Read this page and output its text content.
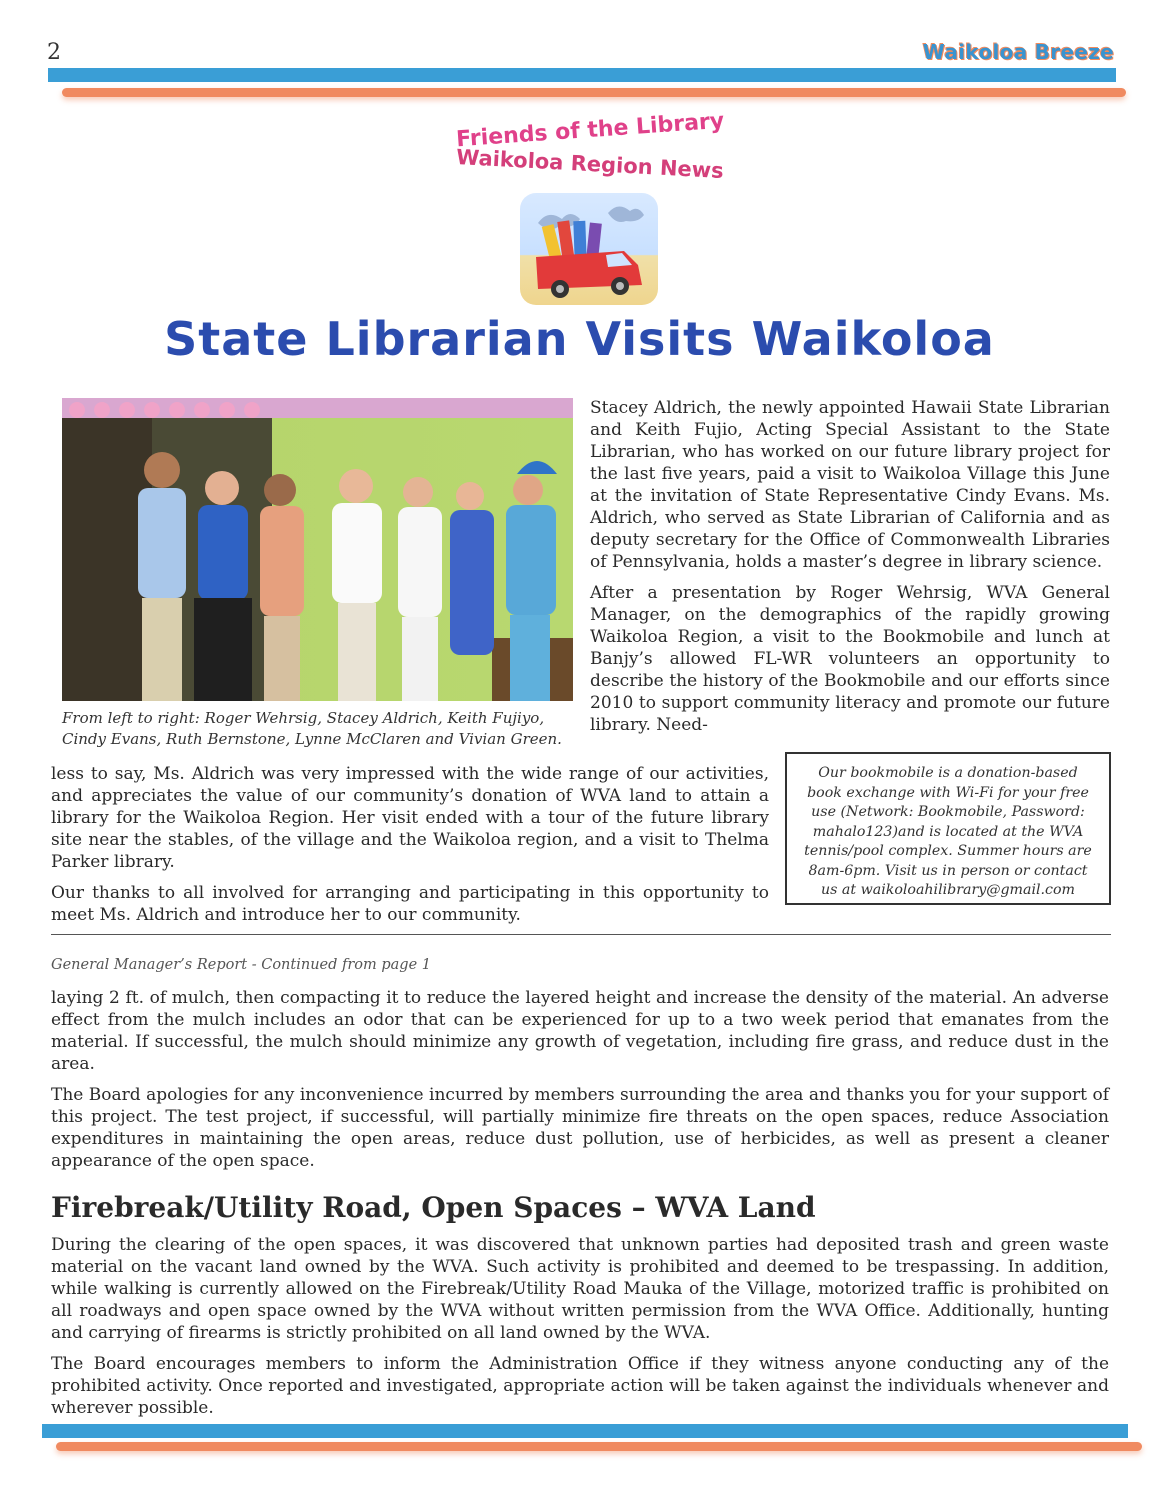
2	Waikoloa Breeze
Friends of the Library
Waikoloa Region News
State Librarian Visits Waikoloa
From left to right: Roger Wehrsig, Stacey Aldrich, Keith Fujiyo, Cindy Evans, Ruth Bernstone, Lynne McClaren and Vivian Green.

Stacey Aldrich, the newly appointed Hawaii State Librarian and Keith Fujio, Acting Special Assistant to the State Librarian, who has worked on our future library project for the last five years, paid a visit to Waikoloa Village this June at the invitation of State Representative Cindy Evans. Ms. Aldrich, who served as State Librarian of California and as deputy secretary for the Office of Commonwealth Libraries of Pennsylvania, holds a master’s degree in library science.

After a presentation by Roger Wehrsig, WVA General Manager, on the demographics of the rapidly growing Waikoloa Region, a visit to the Bookmobile and lunch at Banjy’s allowed FL-WR volunteers an opportunity to describe the history of the Bookmobile and our efforts since 2010 to support community literacy and promote our future library. Need-

Our bookmobile is a donation-based book exchange with Wi-Fi for your free use (Network: Bookmobile, Password: mahalo123)and is located at the WVA tennis/pool complex. Summer hours are 8am-6pm. Visit us in person or contact us at waikoloahilibrary@gmail.com

less to say, Ms. Aldrich was very impressed with the wide range of our activities, and appreciates the value of our community’s donation of WVA land to attain a library for the Waikoloa Region. Her visit ended with a tour of the future library site near the stables, of the village and the Waikoloa region, and a visit to Thelma Parker library.

Our thanks to all involved for arranging and participating in this opportunity to meet Ms. Aldrich and introduce her to our community.

General Manager’s Report - Continued from page 1

laying 2 ft. of mulch, then compacting it to reduce the layered height and increase the density of the material. An adverse effect from the mulch includes an odor that can be experienced for up to a two week period that emanates from the material. If successful, the mulch should minimize any growth of vegetation, including fire grass, and reduce dust in the area.

The Board apologies for any inconvenience incurred by members surrounding the area and thanks you for your support of this project. The test project, if successful, will partially minimize fire threats on the open spaces, reduce Association expenditures in maintaining the open areas, reduce dust pollution, use of herbicides, as well as present a cleaner appearance of the open space.

Firebreak/Utility Road, Open Spaces – WVA Land

During the clearing of the open spaces, it was discovered that unknown parties had deposited trash and green waste material on the vacant land owned by the WVA. Such activity is prohibited and deemed to be trespassing. In addition, while walking is currently allowed on the Firebreak/Utility Road Mauka of the Village, motorized traffic is prohibited on all roadways and open space owned by the WVA without written permission from the WVA Office. Additionally, hunting and carrying of firearms is strictly prohibited on all land owned by the WVA.

The Board encourages members to inform the Administration Office if they witness anyone conducting any of the prohibited activity. Once reported and investigated, appropriate action will be taken against the individuals whenever and wherever possible.
